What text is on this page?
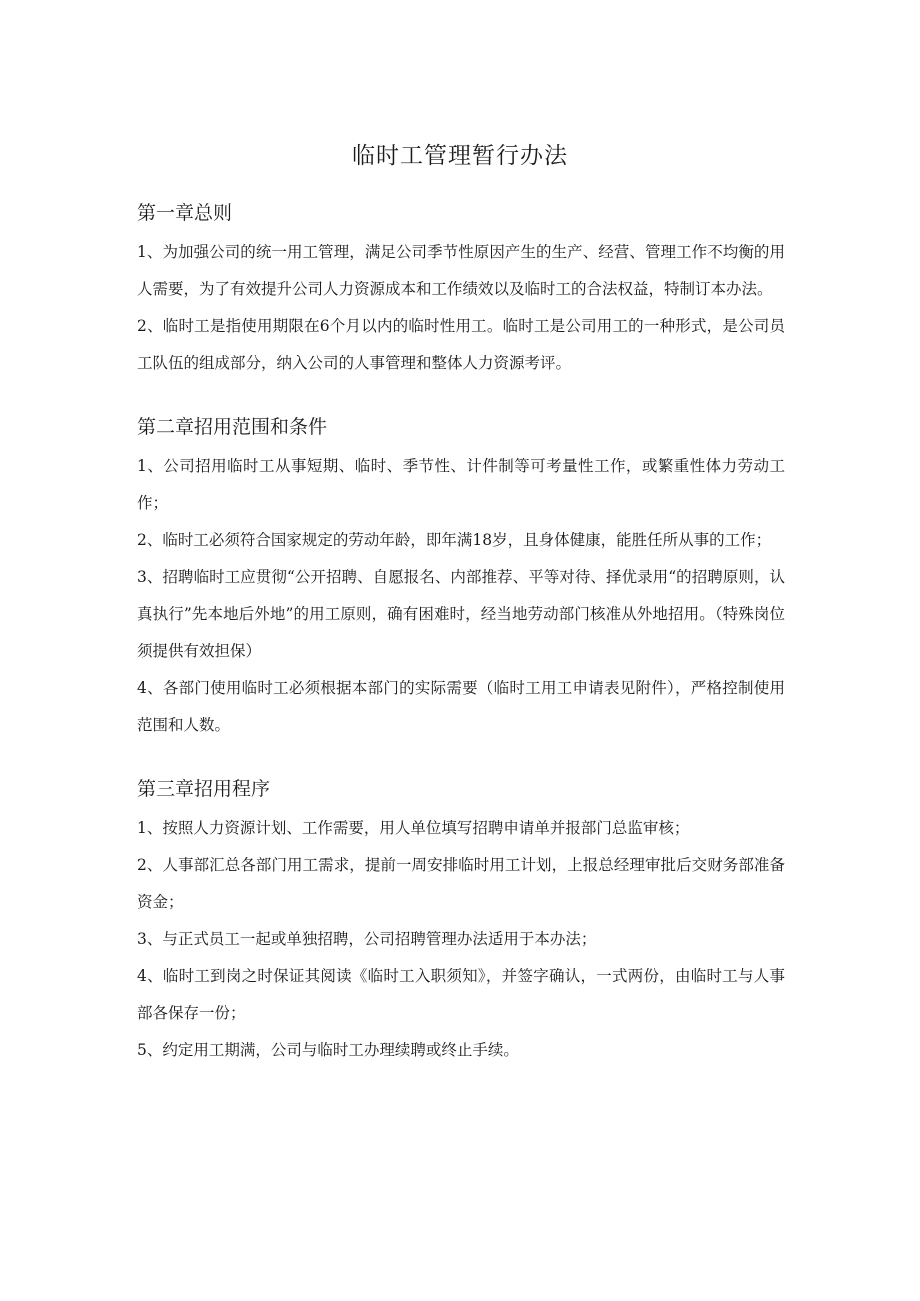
临时工管理暂行办法
第一章总则

1、为加强公司的统一用工管理，满足公司季节性原因产生的生产、经营、管理工作不均衡的用人需要，为了有效提升公司人力资源成本和工作绩效以及临时工的合法权益，特制订本办法。

2、临时工是指使用期限在6个月以内的临时性用工。临时工是公司用工的一种形式，是公司员工队伍的组成部分，纳入公司的人事管理和整体人力资源考评。

第二章招用范围和条件

1、公司招用临时工从事短期、临时、季节性、计件制等可考量性工作，或繁重性体力劳动工作；

2、临时工必须符合国家规定的劳动年龄，即年满18岁，且身体健康，能胜任所从事的工作；

3、招聘临时工应贯彻“公开招聘、自愿报名、内部推荐、平等对待、择优录用“的招聘原则，认真执行”先本地后外地”的用工原则，确有困难时，经当地劳动部门核准从外地招用。（特殊岗位须提供有效担保）

4、各部门使用临时工必须根据本部门的实际需要（临时工用工申请表见附件），严格控制使用范围和人数。

第三章招用程序

1、按照人力资源计划、工作需要，用人单位填写招聘申请单并报部门总监审核；

2、人事部汇总各部门用工需求，提前一周安排临时用工计划，上报总经理审批后交财务部准备资金；

3、与正式员工一起或单独招聘，公司招聘管理办法适用于本办法；

4、临时工到岗之时保证其阅读《临时工入职须知》，并签字确认，一式两份，由临时工与人事部各保存一份；

5、约定用工期满，公司与临时工办理续聘或终止手续。
